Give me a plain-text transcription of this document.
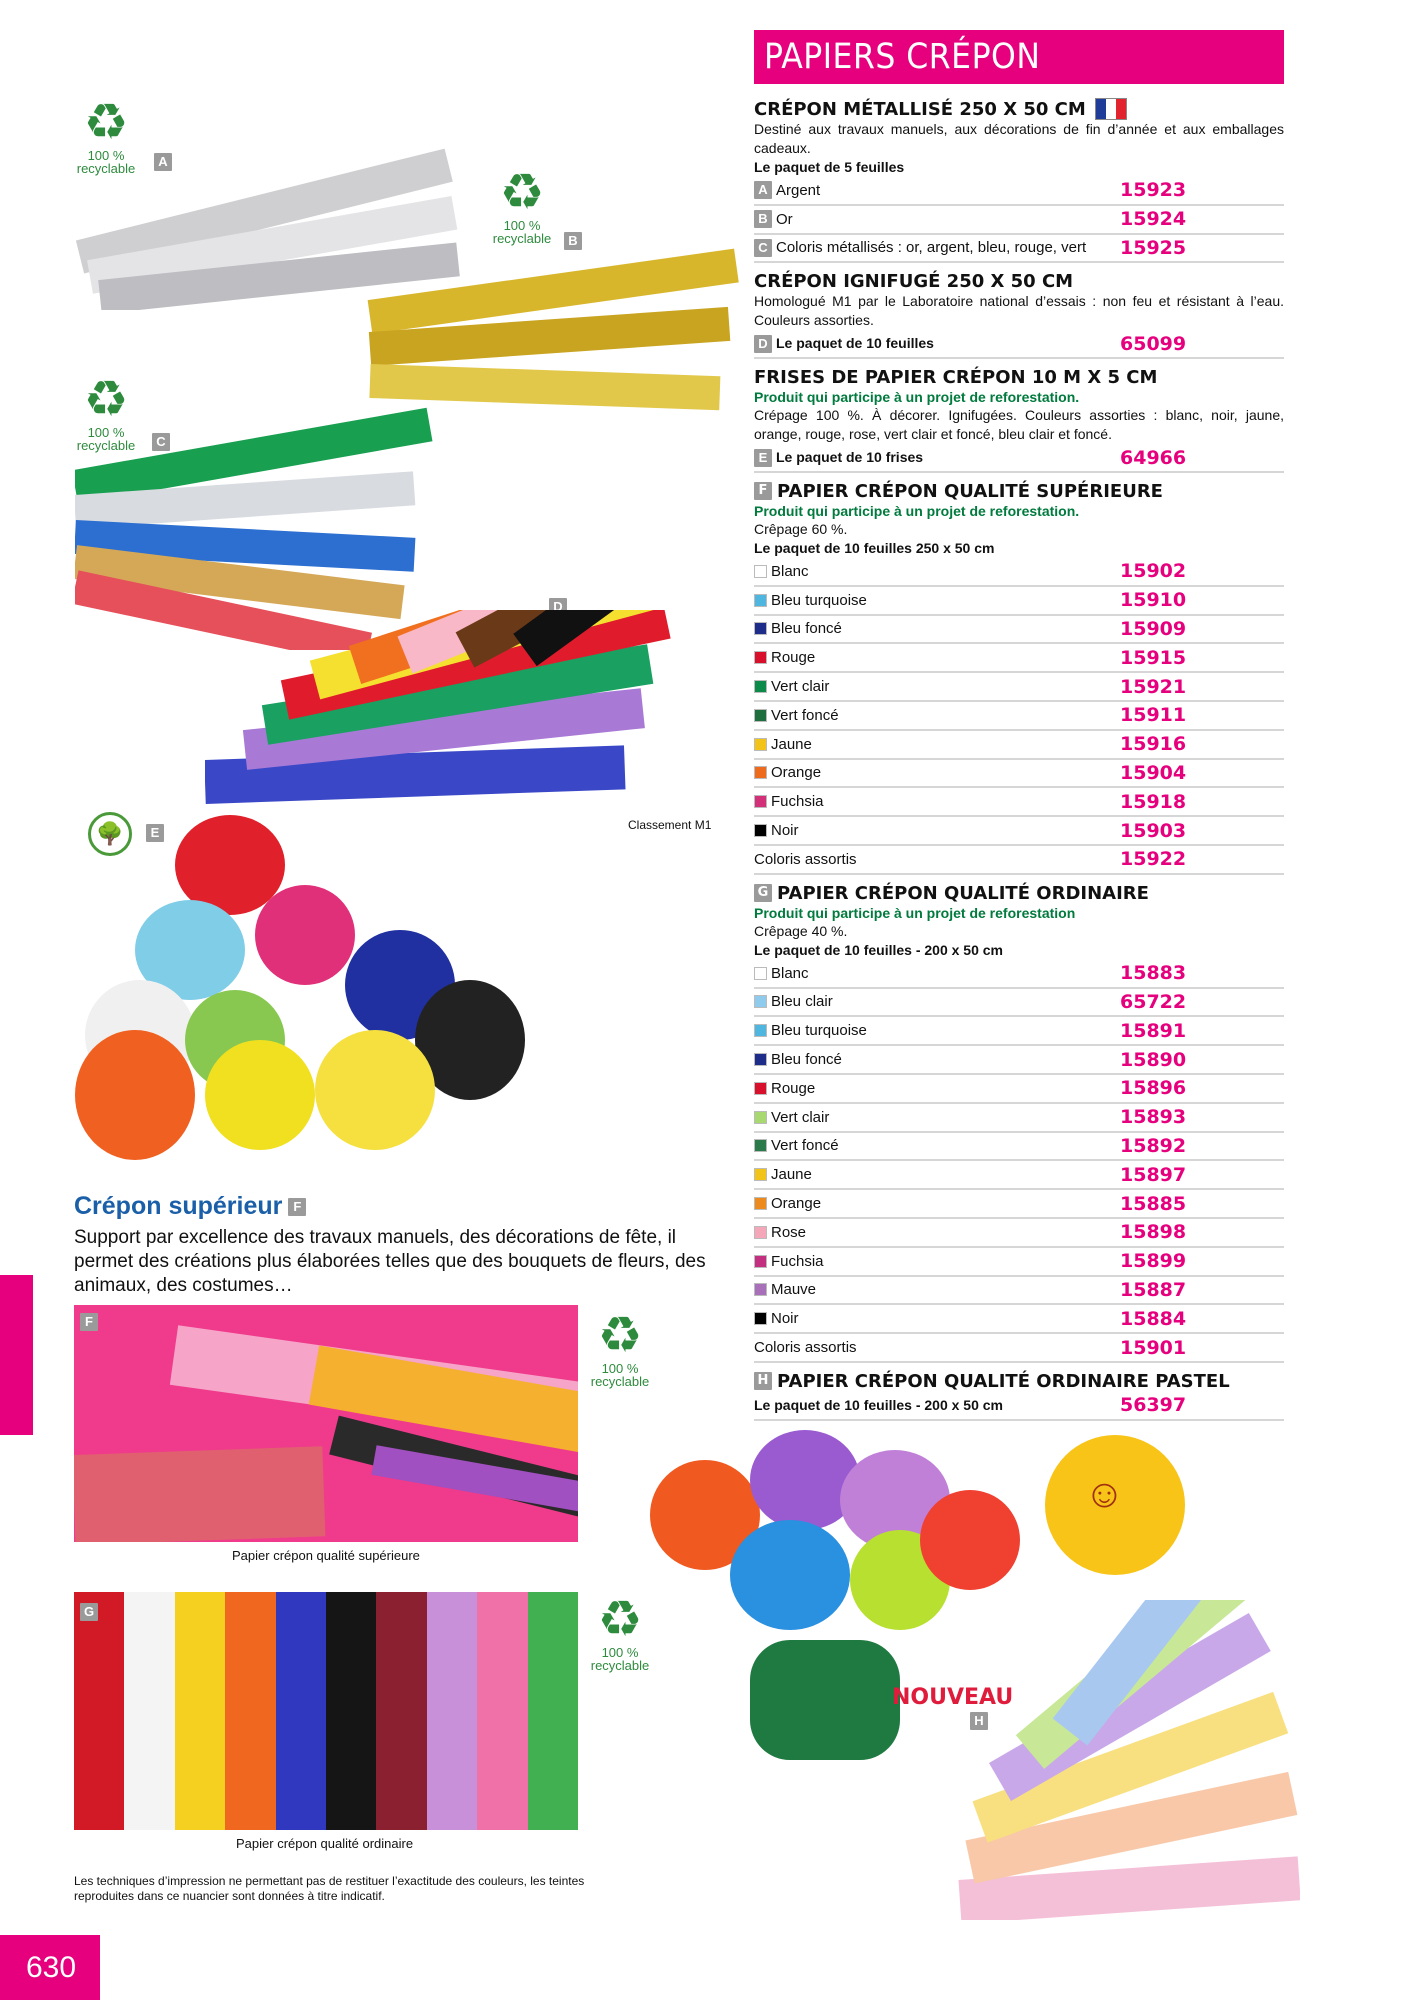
PAPIERS CRÉPON
CRÉPON MÉTALLISÉ 250 X 50 CM
Destiné aux travaux manuels, aux décorations de fin d’année et aux emballages cadeaux.
Le paquet de 5 feuilles
A Argent	15923
B Or	15924
C Coloris métallisés : or, argent, bleu, rouge, vert 15925
CRÉPON IGNIFUGÉ 250 X 50 CM
Homologué M1 par le Laboratoire national d’essais : non feu et résistant à l’eau. Couleurs assorties.
D Le paquet de 10 feuilles	65099
FRISES DE PAPIER CRÉPON 10 M X 5 CM
Produit qui participe à un projet de reforestation.
Crépage 100 %. À décorer. Ignifugées. Couleurs assorties : blanc, noir, jaune, orange, rouge, rose, vert clair et foncé, bleu clair et foncé.
E Le paquet de 10 frises	64966
F PAPIER CRÉPON QUALITÉ SUPÉRIEURE
Produit qui participe à un projet de reforestation.
Crêpage 60 %.
Le paquet de 10 feuilles 250 x 50 cm
Blanc	15902
Bleu turquoise	15910
Bleu foncé	15909
Rouge	15915
Vert clair	15921
Vert foncé	15911
Jaune	15916
Orange	15904
Fuchsia	15918
Noir	15903
Coloris assortis	15922
G PAPIER CRÉPON QUALITÉ ORDINAIRE
Produit qui participe à un projet de reforestation
Crêpage 40 %.
Le paquet de 10 feuilles - 200 x 50 cm
Blanc	15883
Bleu clair	65722
Bleu turquoise	15891
Bleu foncé	15890
Rouge	15896
Vert clair	15893
Vert foncé	15892
Jaune	15897
Orange	15885
Rose	15898
Fuchsia	15899
Mauve	15887
Noir	15884
Coloris assortis	15901
H PAPIER CRÉPON QUALITÉ ORDINAIRE PASTEL
Le paquet de 10 feuilles - 200 x 50 cm	56397
♻
100 %
recyclable	♻
100 %
recyclable
♻
100 %
recyclable
♻
100 %
recyclable
♻
100 %
recyclable
A
B
C
D
E
F
G
H
Classement M1
🌳
Crépon supérieur F
Support par excellence des travaux manuels, des décorations de fête, il permet des créations plus élaborées telles que des bouquets de fleurs, des animaux, des costumes…
Papier crépon qualité supérieure
Papier crépon qualité ordinaire
Les techniques d’impression ne permettant pas de restituer l’exactitude des couleurs, les teintes reproduites dans ce nuancier sont données à titre indicatif.
☺
NOUVEAU
630
